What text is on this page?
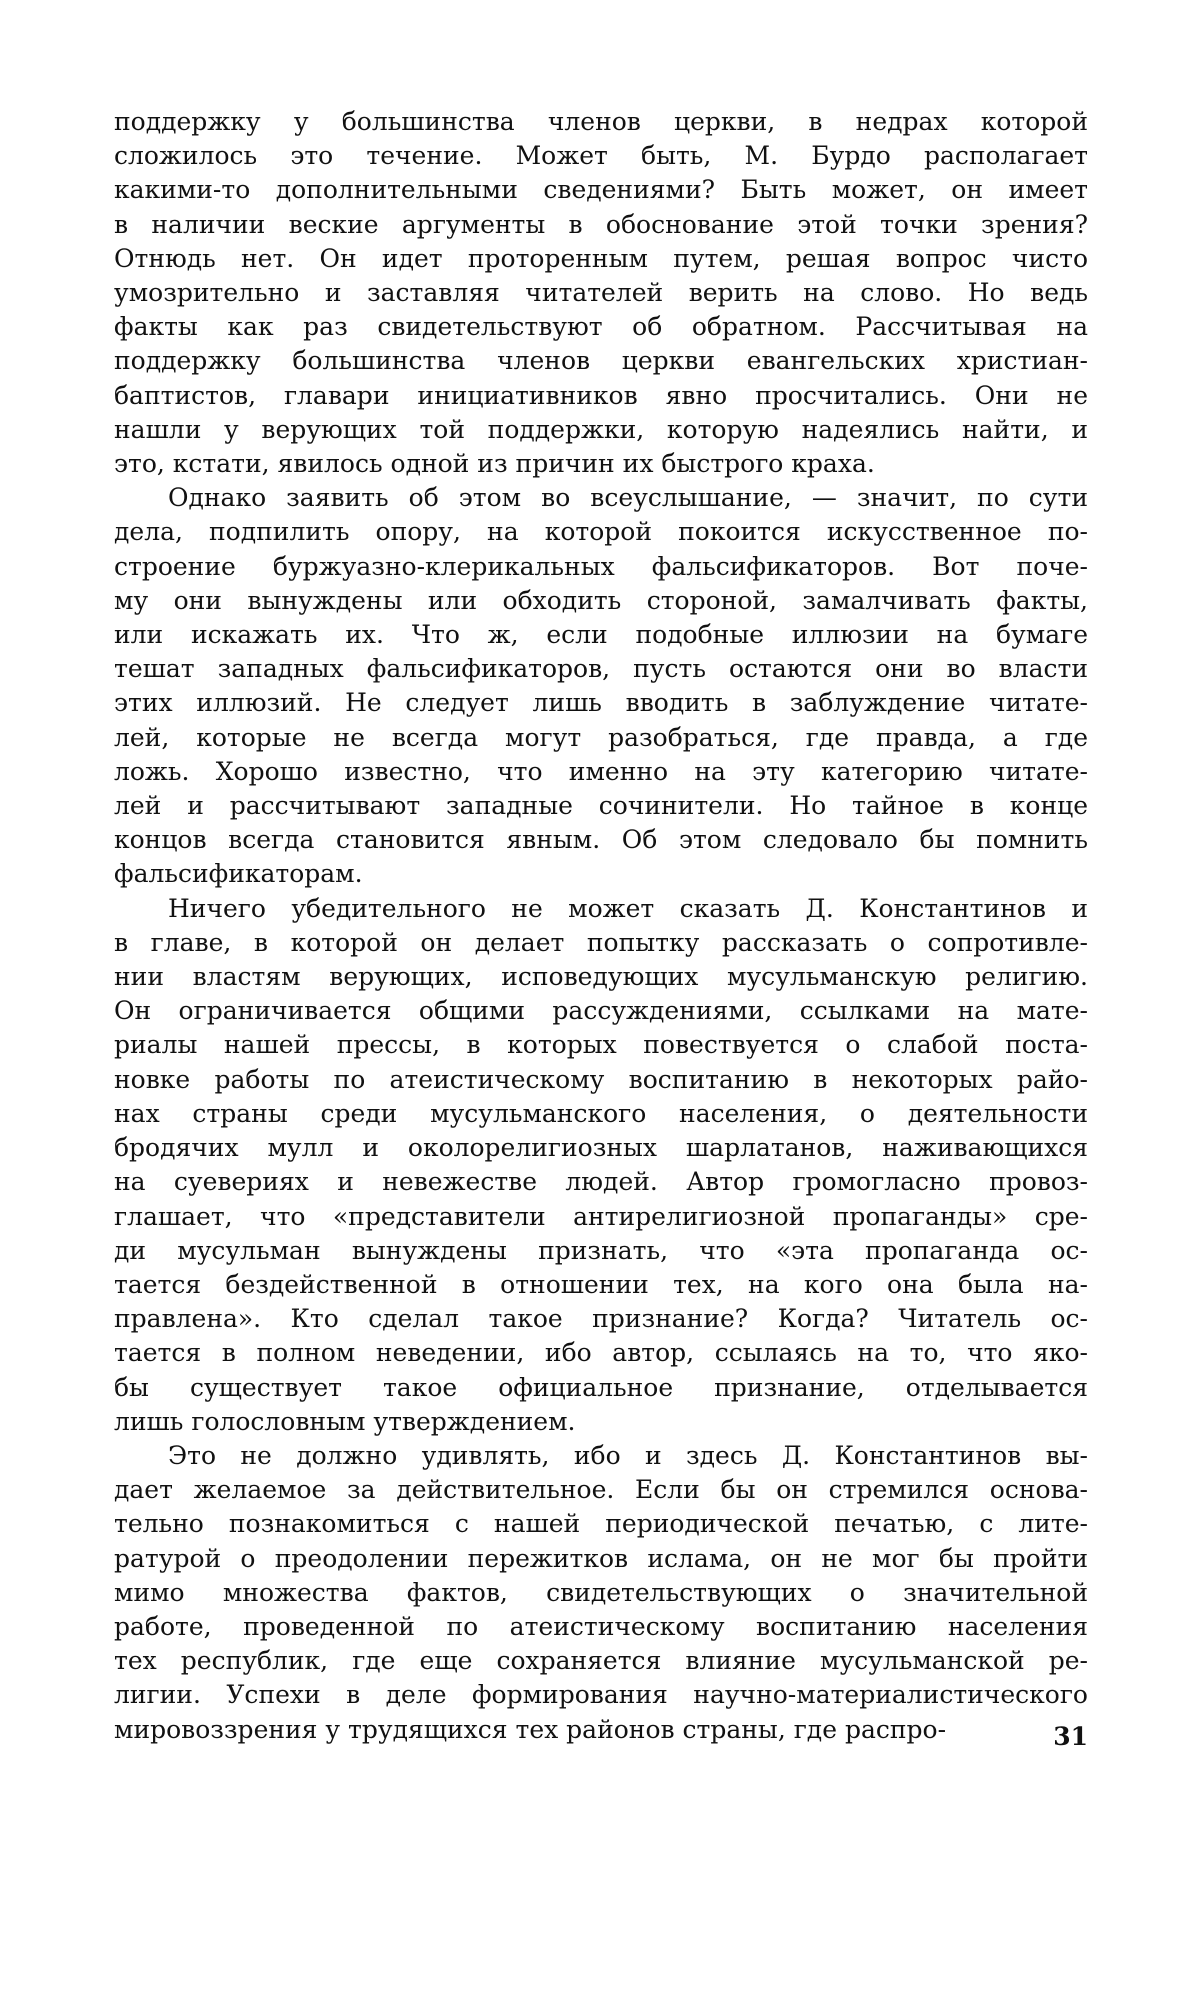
поддержку у большинства членов церкви, в недрах которой
сложилось это течение. Может быть, М. Бурдо располагает
какими-то дополнительными сведениями? Быть может, он имеет
в наличии веские аргументы в обоснование этой точки зрения?
Отнюдь нет. Он идет проторенным путем, решая вопрос чисто
умозрительно и заставляя читателей верить на слово. Но ведь
факты как раз свидетельствуют об обратном. Рассчитывая на
поддержку большинства членов церкви евангельских христиан-
баптистов, главари инициативников явно просчитались. Они не
нашли у верующих той поддержки, которую надеялись найти, и
это, кстати, явилось одной из причин их быстрого краха.
Однако заявить об этом во всеуслышание, — значит, по сути
дела, подпилить опору, на которой покоится искусственное по-
строение буржуазно-клерикальных фальсификаторов. Вот поче-
му они вынуждены или обходить стороной, замалчивать факты,
или искажать их. Что ж, если подобные иллюзии на бумаге
тешат западных фальсификаторов, пусть остаются они во власти
этих иллюзий. Не следует лишь вводить в заблуждение читате-
лей, которые не всегда могут разобраться, где правда, а где
ложь. Хорошо известно, что именно на эту категорию читате-
лей и рассчитывают западные сочинители. Но тайное в конце
концов всегда становится явным. Об этом следовало бы помнить
фальсификаторам.
Ничего убедительного не может сказать Д. Константинов и
в главе, в которой он делает попытку рассказать о сопротивле-
нии властям верующих, исповедующих мусульманскую религию.
Он ограничивается общими рассуждениями, ссылками на мате-
риалы нашей прессы, в которых повествуется о слабой поста-
новке работы по атеистическому воспитанию в некоторых райо-
нах страны среди мусульманского населения, о деятельности
бродячих мулл и околорелигиозных шарлатанов, наживающихся
на суевериях и невежестве людей. Автор громогласно провоз-
глашает, что «представители антирелигиозной пропаганды» сре-
ди мусульман вынуждены признать, что «эта пропаганда ос-
тается бездейственной в отношении тех, на кого она была на-
правлена». Кто сделал такое признание? Когда? Читатель ос-
тается в полном неведении, ибо автор, ссылаясь на то, что яко-
бы существует такое официальное признание, отделывается
лишь голословным утверждением.
Это не должно удивлять, ибо и здесь Д. Константинов вы-
дает желаемое за действительное. Если бы он стремился основа-
тельно познакомиться с нашей периодической печатью, с лите-
ратурой о преодолении пережитков ислама, он не мог бы пройти
мимо множества фактов, свидетельствующих о значительной
работе, проведенной по атеистическому воспитанию населения
тех республик, где еще сохраняется влияние мусульманской ре-
лигии. Успехи в деле формирования научно-материалистического
мировоззрения у трудящихся тех районов страны, где распро-	31
